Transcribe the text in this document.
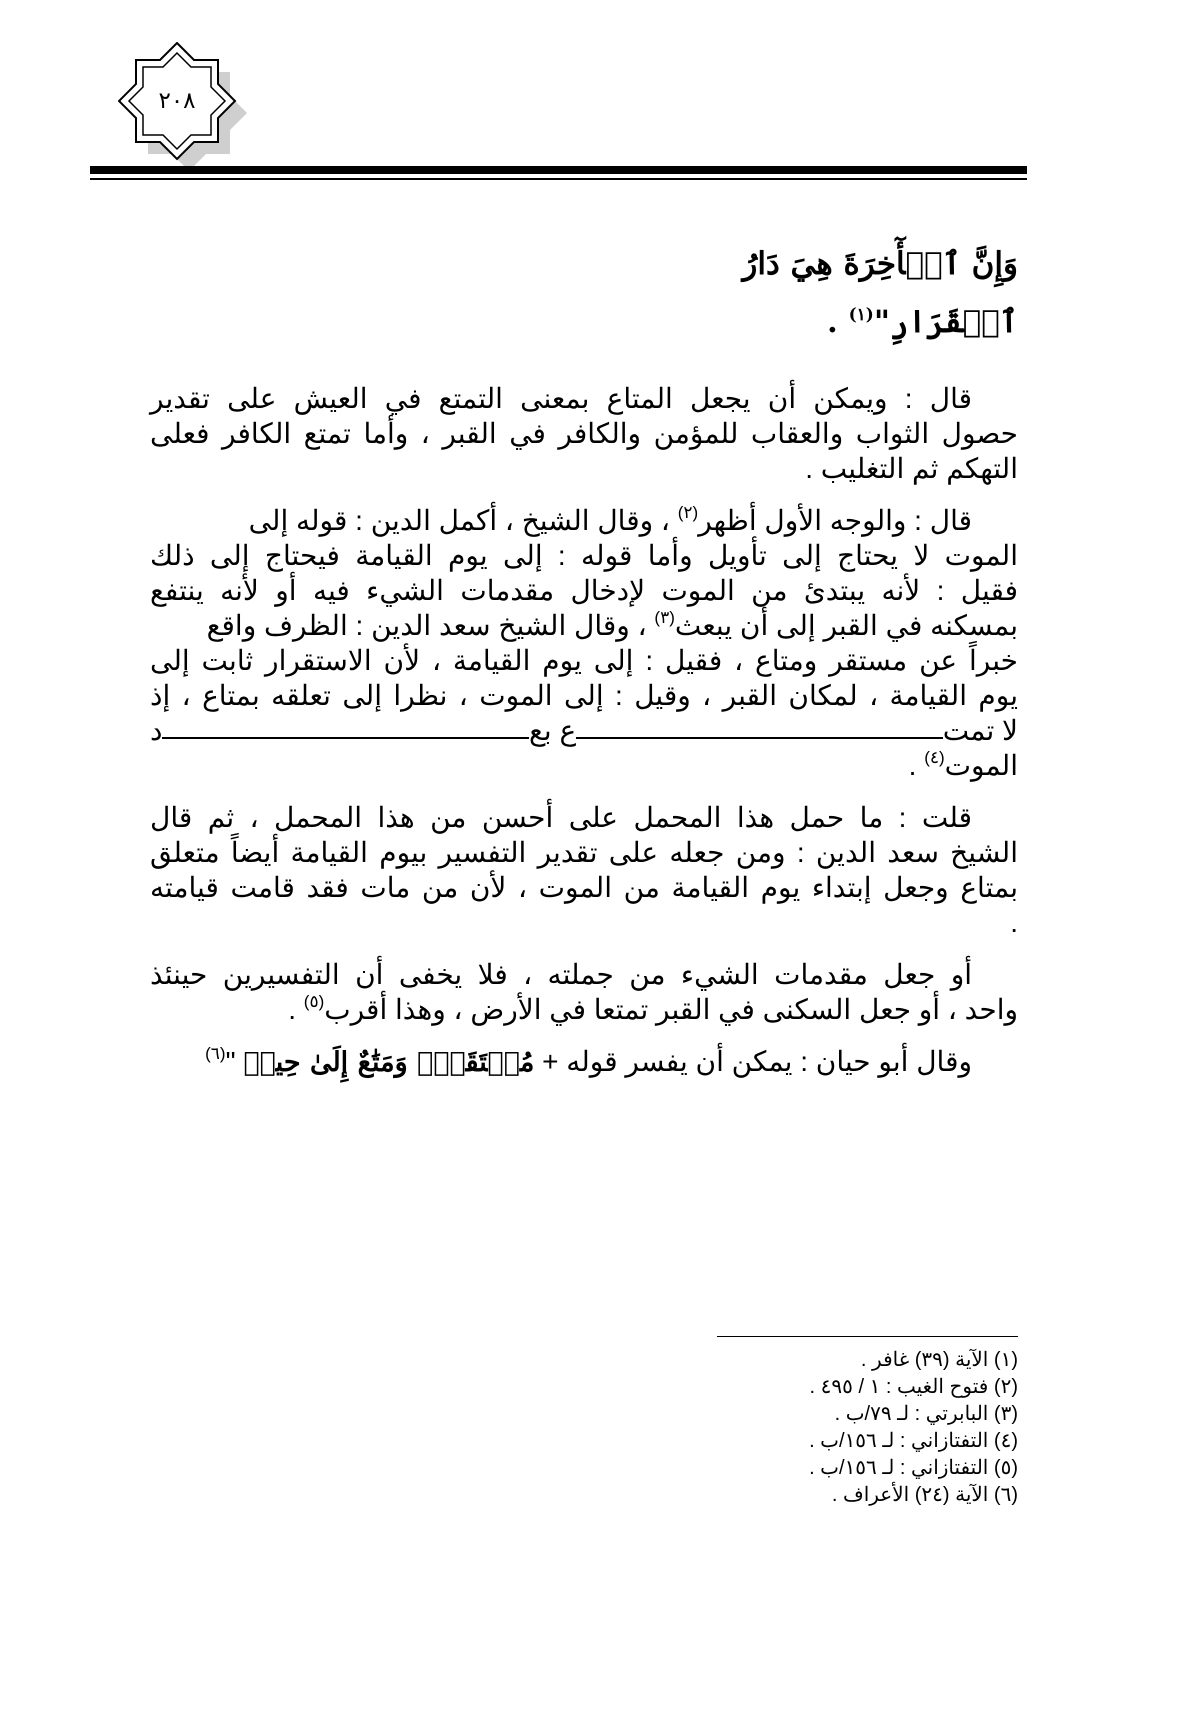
٢٠٨
وَإِنَّ ٱلۡأٓخِرَةَ هِيَ دَارُ
ٱلۡقَرَارِ"$^{(١)}$ .
قال : ويمكن أن يجعل المتاع بمعنى التمتع في العيش على تقدير
حصول الثواب والعقاب للمؤمن والكافر في القبر ، وأما تمتع الكافر فعلى
التهكم ثم التغليب .
قال : والوجه الأول أظهر$^{(٢)}$ ، وقال الشيخ ، أكمل الدين : قوله إلى
الموت لا يحتاج إلى تأويل وأما قوله : إلى يوم القيامة فيحتاج إلى ذلك
فقيل : لأنه يبتدئ من الموت لإدخال مقدمات الشيء فيه أو لأنه ينتفع
بمسكنه في القبر إلى أن يبعث$^{(٣)}$ ، وقال الشيخ سعد الدين : الظرف واقع
خبراً عن مستقر ومتاع ، فقيل : إلى يوم القيامة ، لأن الاستقرار ثابت إلى
يوم القيامة ، لمكان القبر ، وقيل : إلى الموت ، نظرا إلى تعلقه بمتاع ، إذ
لا تمت
ع بع
د
الموت$^{(٤)}$ .
قلت : ما حمل هذا المحمل على أحسن من هذا المحمل ، ثم قال
الشيخ سعد الدين : ومن جعله على تقدير التفسير بيوم القيامة أيضاً متعلق
بمتاع وجعل إبتداء يوم القيامة من الموت ، لأن من مات فقد قامت قيامته
.
أو جعل مقدمات الشيء من جملته ، فلا يخفى أن التفسيرين حينئذ
واحد ، أو جعل السكنى في القبر تمتعا في الأرض ، وهذا أقرب$^{(٥)}$ .
وقال أبو حيان : يمكن أن يفسر قوله + مُسۡتَقَرّٞ وَمَتَٰعٌ إِلَىٰ حِينٖ "$^{(٦)}$
(١) الآية (٣٩) غافر .
(٢) فتوح الغيب : ١ / ٤٩٥ .
(٣) البابرتي : لـ ٧٩/ب .
(٤) التفتازاني : لـ ١٥٦/ب .
(٥) التفتازاني : لـ ١٥٦/ب .
(٦) الآية (٢٤) الأعراف .
